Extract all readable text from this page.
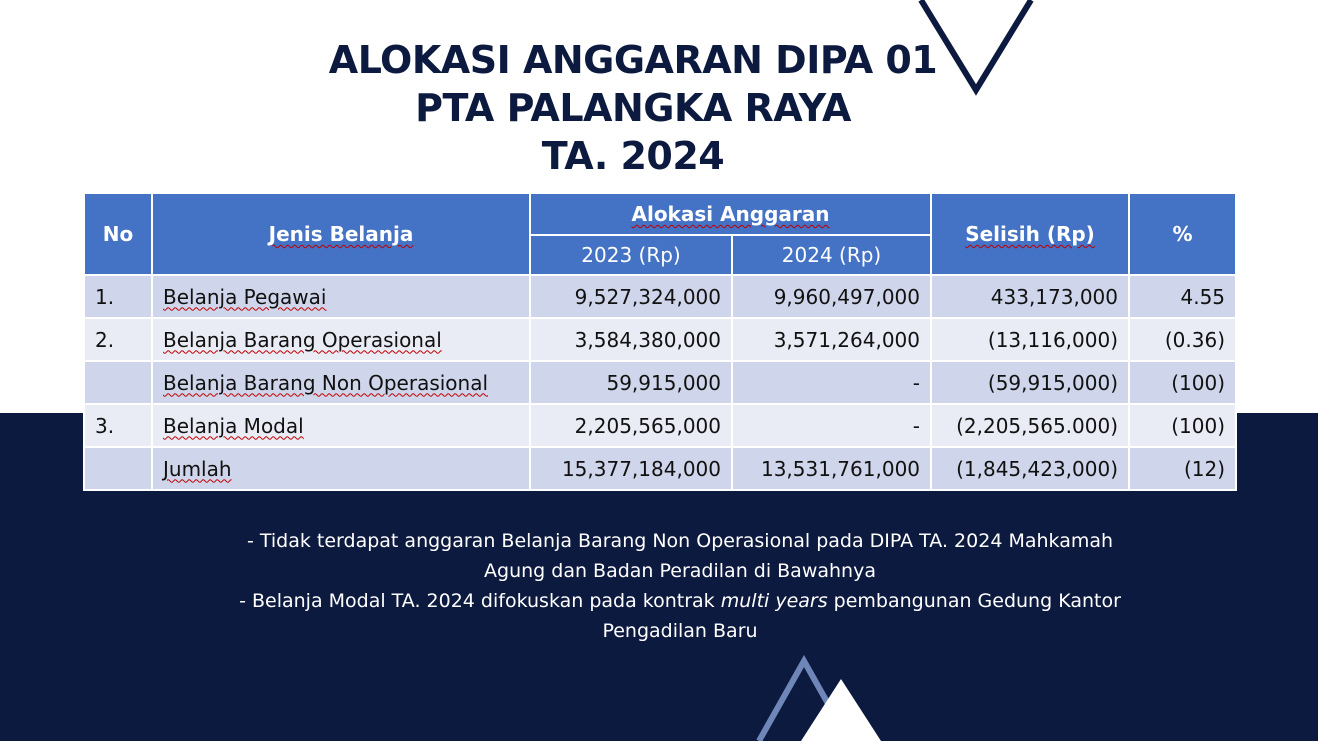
ALOKASI ANGGARAN DIPA 01
PTA PALANGKA RAYA
TA. 2024
No	Jenis Belanja	Alokasi Anggaran		Selisih (Rp)	%
		2023 (Rp)	2024 (Rp)		
1.	Belanja Pegawai	9,527,324,000	9,960,497,000	433,173,000	4.55
2.	Belanja Barang Operasional	3,584,380,000	3,571,264,000	(13,116,000)	(0.36)
	Belanja Barang Non Operasional	59,915,000	-	(59,915,000)	(100)
3.	Belanja Modal	2,205,565,000	-	(2,205,565.000)	(100)
	Jumlah	15,377,184,000	13,531,761,000	(1,845,423,000)	(12)

- Tidak terdapat anggaran Belanja Barang Non Operasional pada DIPA TA. 2024 Mahkamah

Agung dan Badan Peradilan di Bawahnya

- Belanja Modal TA. 2024 difokuskan pada kontrak multi years pembangunan Gedung Kantor

Pengadilan Baru
